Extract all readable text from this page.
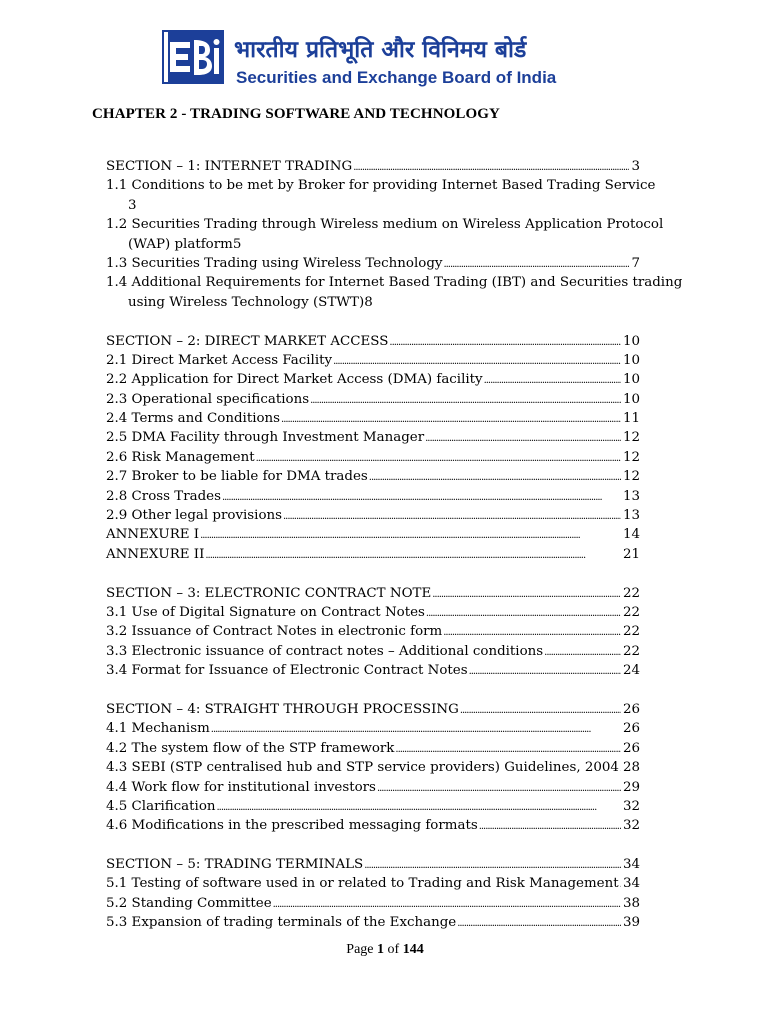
भारतीय प्रतिभूति और विनिमय बोर्ड
Securities and Exchange Board of India
CHAPTER 2 - TRADING SOFTWARE AND TECHNOLOGY
SECTION – 1: INTERNET TRADING . . .	3
1.1 Conditions to be met by Broker for providing Internet Based Trading Service
3
1.2 Securities Trading through Wireless medium on Wireless Application Protocol
(WAP) platform 5
1.3 Securities Trading using Wireless Technology . . .	7
1.4 Additional Requirements for Internet Based Trading (IBT) and Securities trading
using Wireless Technology (STWT) 8
SECTION – 2: DIRECT MARKET ACCESS . . .	10
2.1 Direct Market Access Facility . . .	10
2.2 Application for Direct Market Access (DMA) facility . . .	10
2.3 Operational specifications . . .	10
2.4 Terms and Conditions . . .	11
2.5 DMA Facility through Investment Manager . . .	12
2.6 Risk Management . . .	12
2.7 Broker to be liable for DMA trades . . .	12
2.8 Cross Trades . . .	13
2.9 Other legal provisions . . .	13
ANNEXURE I . . .	14
ANNEXURE II . . .	21
SECTION – 3: ELECTRONIC CONTRACT NOTE . . .	22
3.1 Use of Digital Signature on Contract Notes . . .	22
3.2 Issuance of Contract Notes in electronic form . . .	22
3.3 Electronic issuance of contract notes – Additional conditions . . .	22
3.4 Format for Issuance of Electronic Contract Notes . . .	24
SECTION – 4: STRAIGHT THROUGH PROCESSING . . .	26
4.1 Mechanism . . .	26
4.2 The system flow of the STP framework . . .	26
4.3 SEBI (STP centralised hub and STP service providers) Guidelines, 2004 . . . 28
4.4 Work flow for institutional investors . . .	29
4.5 Clarification . . .	32
4.6 Modifications in the prescribed messaging formats . . .	32
SECTION – 5: TRADING TERMINALS . . .	34
5.1 Testing of software used in or related to Trading and Risk Management . . . 34
5.2 Standing Committee . . .	38
5.3 Expansion of trading terminals of the Exchange . . .	39
Page 1 of 144
